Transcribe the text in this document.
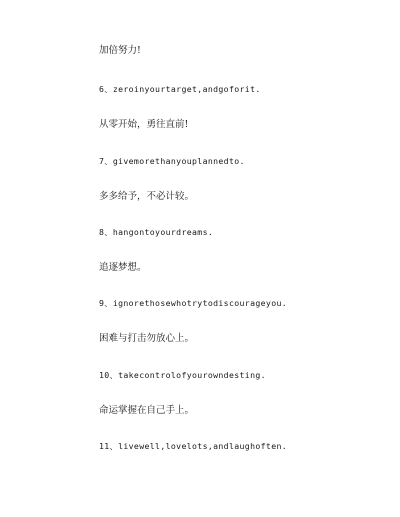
加倍努力!
6、zeroinyourtarget,andgoforit.
从零开始，勇往直前!
7、givemorethanyouplannedto.
多多给予，不必计较。
8、hangontoyourdreams.
追逐梦想。
9、ignorethosewhotrytodiscourageyou.
困难与打击勿放心上。
10、takecontrolofyourowndesting.
命运掌握在自己手上。
11、livewell,lovelots,andlaughoften.
